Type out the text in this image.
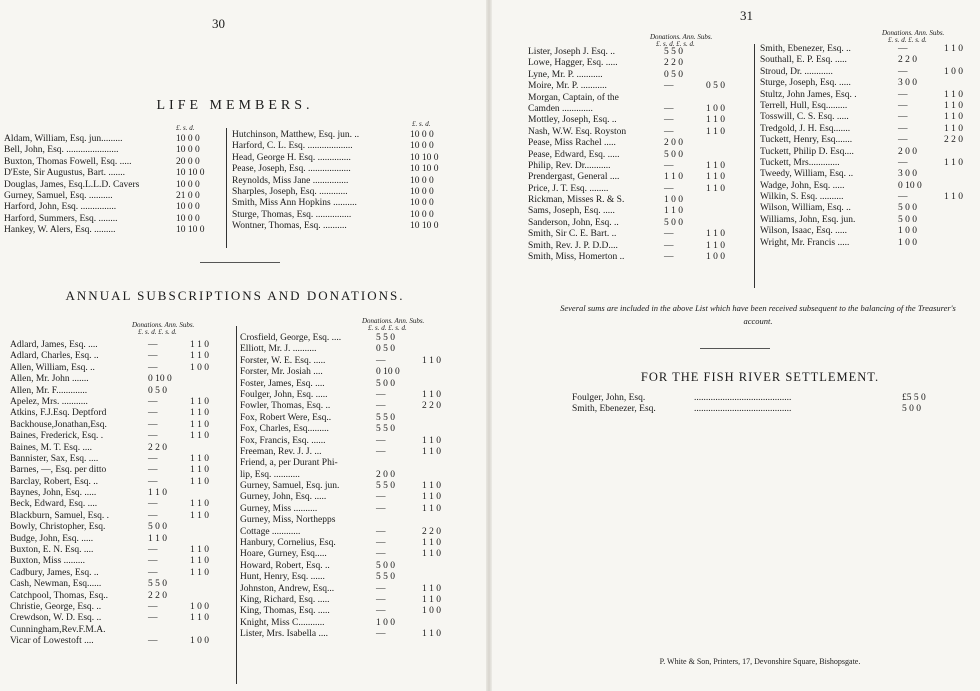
30
LIFE MEMBERS.
£. s. d.	£. s. d.
Aldam, William, Esq. jun.........	10 0 0
Bell, John, Esq. ......................	10 0 0
Buxton, Thomas Fowell, Esq. .....	20 0 0
D'Este, Sir Augustus, Bart. .......	10 10 0
Douglas, James, Esq.L.L.D. Cavers	10 0 0
Gurney, Samuel, Esq. ..........	21 0 0
Harford, John, Esq. ...............	10 0 0
Harford, Summers, Esq. ........	10 0 0
Hankey, W. Alers, Esq. .........	10 10 0
Hutchinson, Matthew, Esq. jun. ..	10 0 0
Harford, C. L. Esq. ...................	10 0 0
Head, George H. Esq. ..............	10 10 0
Pease, Joseph, Esq. ..................	10 10 0
Reynolds, Miss Jane ...............	10 0 0
Sharples, Joseph, Esq. ............	10 0 0
Smith, Miss Ann Hopkins ..........	10 0 0
Sturge, Thomas, Esq. ...............	10 0 0
Wontner, Thomas, Esq. ..........	10 10 0
ANNUAL SUBSCRIPTIONS AND DONATIONS.
Donations. Ann. Subs.
£. s. d. £. s. d.
Donations. Ann. Subs.
£. s. d. £. s. d.
Adlard, James, Esq. ....	—	1 1 0
Adlard, Charles, Esq. ..	—	1 1 0
Allen, William, Esq. ..	—	1 0 0
Allen, Mr. John .......	0 10 0
Allen, Mr. F.............	0 5 0
Apelez, Mrs. ...........	—	1 1 0
Atkins, F.J.Esq. Deptford	—	1 1 0
Backhouse,Jonathan,Esq.	—	1 1 0
Baines, Frederick, Esq. .	—	1 1 0
Baines, M. T. Esq. ....	2 2 0
Bannister, Sax, Esq. ....	—	1 1 0
Barnes, —, Esq. per ditto	—	1 1 0
Barclay, Robert, Esq. ..	—	1 1 0
Baynes, John, Esq. .....	1 1 0
Beck, Edward, Esq. ....	—	1 1 0
Blackburn, Samuel, Esq. .	—	1 1 0
Bowly, Christopher, Esq.	5 0 0
Budge, John, Esq. .....	1 1 0
Buxton, E. N. Esq. ....	—	1 1 0
Buxton, Miss .........	—	1 1 0
Cadbury, James, Esq. ..	—	1 1 0
Cash, Newman, Esq......	5 5 0
Catchpool, Thomas, Esq..	2 2 0
Christie, George, Esq. ..	—	1 0 0
Crewdson, W. D. Esq. ..	—	1 1 0
Cunningham,Rev.F.M.A.
Vicar of Lowestoft ....	—	1 0 0
Crosfield, George, Esq. ....	5 5 0
Elliott, Mr. J. ..........	0 5 0
Forster, W. E. Esq. .....	—	1 1 0
Forster, Mr. Josiah ....	0 10 0
Foster, James, Esq. ....	5 0 0
Foulger, John, Esq. .....	—	1 1 0
Fowler, Thomas, Esq. ..	—	2 2 0
Fox, Robert Were, Esq..	5 5 0
Fox, Charles, Esq.........	5 5 0
Fox, Francis, Esq. ......	—	1 1 0
Freeman, Rev. J. J. ...	—	1 1 0
Friend, a, per Durant Phi-
lip, Esq. ...........	2 0 0
Gurney, Samuel, Esq. jun.	5 5 0	1 1 0
Gurney, John, Esq. .....	—	1 1 0
Gurney, Miss ..........	—	1 1 0
Gurney, Miss, Northepps
Cottage ............	—	2 2 0
Hanbury, Cornelius, Esq.	—	1 1 0
Hoare, Gurney, Esq.....	—	1 1 0
Howard, Robert, Esq. ..	5 0 0
Hunt, Henry, Esq. ......	5 5 0
Johnston, Andrew, Esq...	—	1 1 0
King, Richard, Esq. .....	—	1 1 0
King, Thomas, Esq. .....	—	1 0 0
Knight, Miss C...........	1 0 0
Lister, Mrs. Isabella ....	—	1 1 0
31
Donations. Ann. Subs.
£. s. d. £. s. d.
Donations. Ann. Subs.
£. s. d. £. s. d.
Lister, Joseph J. Esq. ..	5 5 0
Lowe, Hagger, Esq. .....	2 2 0
Lyne, Mr. P. ...........	0 5 0
Moire, Mr. P. ...........	—	0 5 0
Morgan, Captain, of the
Camden .............	—	1 0 0
Mottley, Joseph, Esq. ..	—	1 1 0
Nash, W.W. Esq. Royston	—	1 1 0
Pease, Miss Rachel .....	2 0 0
Pease, Edward, Esq. .....	5 0 0
Philip, Rev. Dr...........	—	1 1 0
Prendergast, General ....	1 1 0 1 1 0
Price, J. T. Esq. ........	—	1 1 0
Rickman, Misses R. & S.	1 0 0
Sams, Joseph, Esq. .....	1 1 0
Sanderson, John, Esq. ..	5 0 0
Smith, Sir C. E. Bart. ..	—	1 1 0
Smith, Rev. J. P. D.D....	—	1 1 0
Smith, Miss, Homerton ..	—	1 0 0
Smith, Ebenezer, Esq. ..	—	1 1 0
Southall, E. P. Esq. .....	2 2 0
Stroud, Dr. ............	—	1 0 0
Sturge, Joseph, Esq. .....	3 0 0
Stultz, John James, Esq. .	—	1 1 0
Terrell, Hull, Esq.........	—	1 1 0
Tosswill, C. S. Esq. .....	—	1 1 0
Tredgold, J. H. Esq.......	—	1 1 0
Tuckett, Henry, Esq.......	—	2 2 0
Tuckett, Philip D. Esq....	2 0 0
Tuckett, Mrs.............	—	1 1 0
Tweedy, William, Esq. ..	3 0 0
Wadge, John, Esq. .....	0 10 0
Wilkin, S. Esq. ..........	—	1 1 0
Wilson, William, Esq. ..	5 0 0
Williams, John, Esq. jun.	5 0 0
Wilson, Isaac, Esq. .....	1 0 0
Wright, Mr. Francis .....	1 0 0
Several sums are included in the above List which have been received subsequent to the balancing of the Treasurer's account.
FOR THE FISH RIVER SETTLEMENT.
Foulger, John, Esq.	.........................................	£5 5 0
Smith, Ebenezer, Esq.	.........................................	5 0 0
P. White & Son, Printers, 17, Devonshire Square, Bishopsgate.
